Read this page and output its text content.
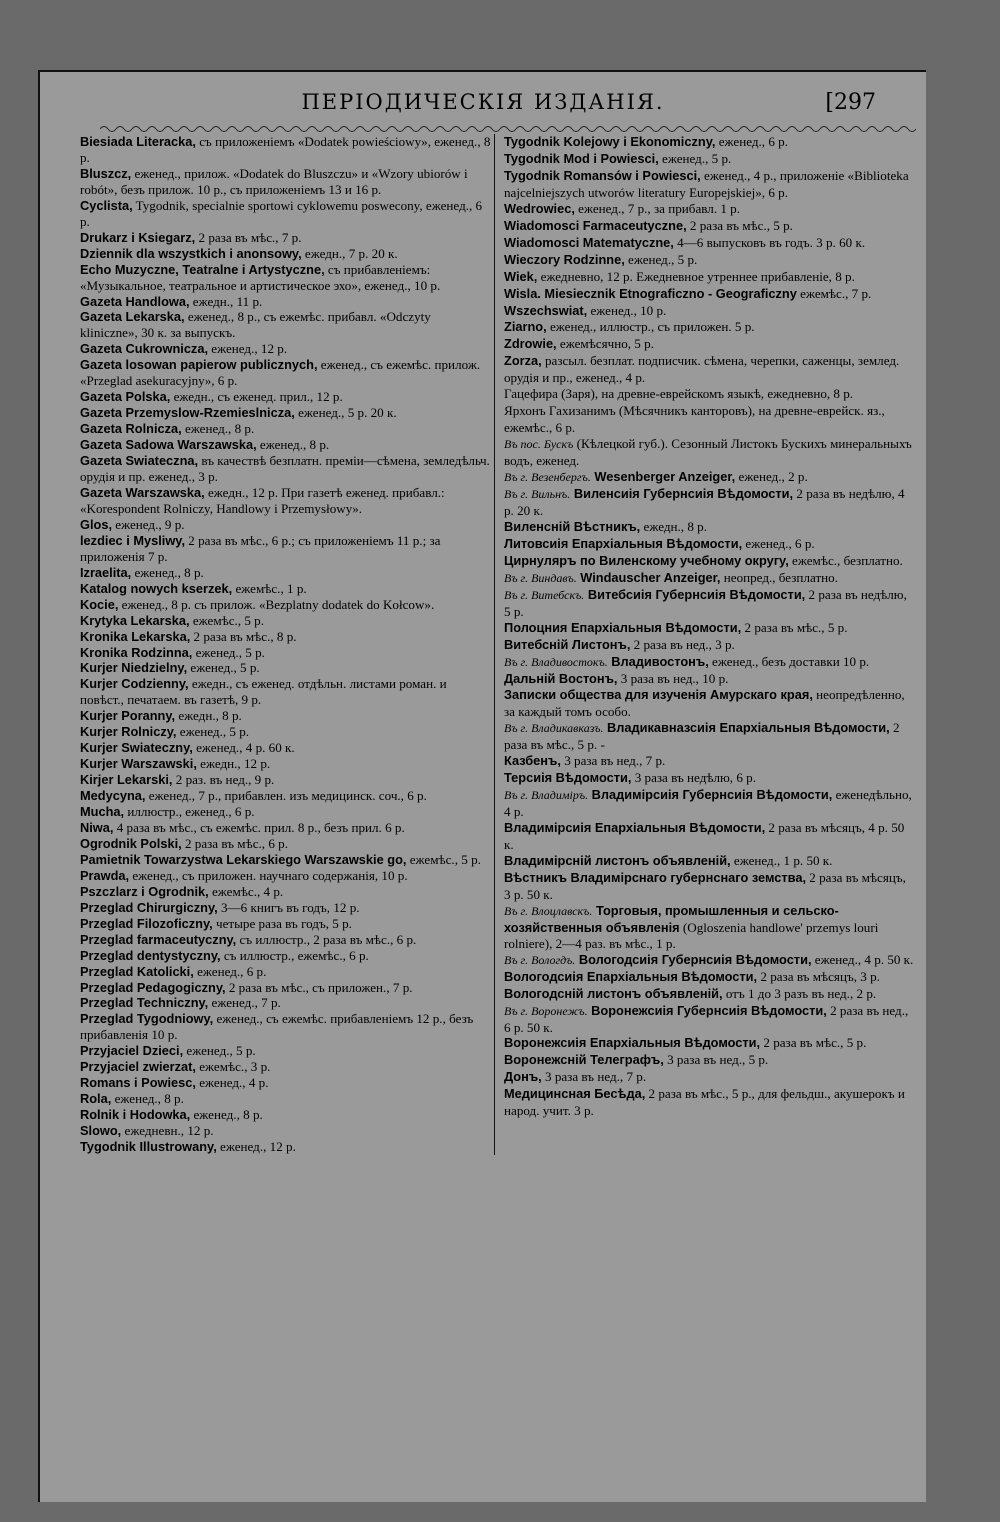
ПЕРІОДИЧЕСКІЯ ИЗДАНІЯ.	[297
Biesiada Literacka, съ приложеніемъ «Dodatek powieściowy», еженед., 8 р.
Bluszcz, еженед., прилож. «Dodatek do Bluszczu» и «Wzory ubiorów i robót», безъ прилож. 10 р., съ приложеніемъ 13 и 16 р.
Cyclista, Tygodnik, specialnie sportowi cyklowemu poswecony, еженед., 6 р.
Drukarz i Ksiegarz, 2 раза въ мѣс., 7 р.
Dziennik dla wszystkich i anonsowy, ежедн., 7 р. 20 к.
Echo Muzyczne, Teatralne i Artystyczne, съ прибавленіемъ: «Музыкальное, театральное и артистическое эхо», еженед., 10 р.
Gazeta Handlowa, ежедн., 11 р.
Gazeta Lekarska, еженед., 8 р., съ ежемѣс. прибавл. «Odczyty kliniczne», 30 к. за выпускъ.
Gazeta Cukrownicza, еженед., 12 р.
Gazeta losowan papierow publicznych, еженед., съ ежемѣс. прилож. «Przeglad asekuracyjny», 6 р.
Gazeta Polska, ежедн., съ еженед. прил., 12 р.
Gazeta Przemyslow-Rzemieslnicza, еженед., 5 р. 20 к.
Gazeta Rolnicza, еженед., 8 р.
Gazeta Sadowa Warszawska, еженед., 8 р.
Gazeta Swiateczna, въ качествѣ безплатн. преміи—сѣмена, земледѣльч. орудія и пр. еженед., 3 р.
Gazeta Warszawska, ежедн., 12 р. При газетѣ еженед. прибавл.: «Korespondent Rolniczy, Handlowy i Przemysłowy».
Glos, еженед., 9 р.
lezdiec i Mysliwy, 2 раза въ мѣс., 6 р.; съ приложеніемъ 11 р.; за приложенія 7 р.
Izraelita, еженед., 8 р.
Katalog nowych kserzek, ежемѣс., 1 р.
Kocie, еженед., 8 р. съ прилож. «Bezplatny dodatek do Kołcow».
Krytyka Lekarska, ежемѣс., 5 р.
Kronika Lekarska, 2 раза въ мѣс., 8 р.
Kronika Rodzinna, еженед., 5 р.
Kurjer Niedzielny, еженед., 5 р.
Kurjer Codzienny, ежедн., съ еженед. отдѣльн. листами роман. и повѣст., печатаем. въ газетѣ, 9 р.
Kurjer Poranny, ежедн., 8 р.
Kurjer Rolniczy, еженед., 5 р.
Kurjer Swiateczny, еженед., 4 р. 60 к.
Kurjer Warszawski, ежедн., 12 р.
Kirjer Lekarski, 2 раз. въ нед., 9 р.
Medycyna, еженед., 7 р., прибавлен. изъ медицинск. соч., 6 р.
Mucha, иллюстр., еженед., 6 р.
Niwa, 4 раза въ мѣс., съ ежемѣс. прил. 8 р., безъ прил. 6 р.
Ogrodnik Polski, 2 раза въ мѣс., 6 р.
Pamietnik Towarzystwa Lekarskiego Warszawskie go, ежемѣс., 5 р.
Prawda, еженед., съ приложен. научнаго содержанія, 10 р.
Pszczlarz i Ogrodnik, ежемѣс., 4 р.
Przeglad Chirurgiczny, 3—6 книгъ въ годъ, 12 р.
Przeglad Filozoficzny, четыре раза въ годъ, 5 р.
Przeglad farmaceutyczny, съ иллюстр., 2 раза въ мѣс., 6 р.
Przeglad dentystyczny, съ иллюстр., ежемѣс., 6 р.
Przeglad Katolicki, еженед., 6 р.
Przeglad Pedagogiczny, 2 раза въ мѣс., съ приложен., 7 р.
Przeglad Techniczny, еженед., 7 р.
Przeglad Tygodniowy, еженед., съ ежемѣс. прибавленіемъ 12 р., безъ прибавленія 10 р.
Przyjaciel Dzieci, еженед., 5 р.
Przyjaciel zwierzat, ежемѣс., 3 р.
Romans i Powiesc, еженед., 4 р.
Rola, еженед., 8 р.
Rolnik i Hodowka, еженед., 8 р.
Slowo, ежедневн., 12 р.
Tygodnik Illustrowany, еженед., 12 р.
Tygodnik Kolejowy i Ekonomiczny, еженед., 6 р.
Tygodnik Mod i Powiesci, еженед., 5 р.
Tygodnik Romansów i Powiesci, еженед., 4 р., приложеніе «Biblioteka najcelniejszych utworów literatury Europejskiej», 6 р.
Wedrowiec, еженед., 7 р., за прибавл. 1 р.
Wiadomosci Farmaceutyczne, 2 раза въ мѣс., 5 р.
Wiadomosci Matematyczne, 4—6 выпусковъ въ годъ. 3 р. 60 к.
Wieczory Rodzinne, еженед., 5 р.
Wiek, ежедневно, 12 р. Ежедневное утреннее прибавленіе, 8 р.
Wisla. Miesiecznik Etnograficzno - Geograficzny ежемѣс., 7 р.
Wszechswiat, еженед., 10 р.
Ziarno, еженед., иллюстр., съ приложен. 5 р.
Zdrowie, ежемѣсячно, 5 р.
Zorza, разсыл. безплат. подписчик. сѣмена, черепки, саженцы, землед. орудія и пр., еженед., 4 р.
Гацефира (Заря), на древне-еврейскомъ языкѣ, ежедневно, 8 р.
Ярхонъ Гахизанимъ (Мѣсячникъ канторовъ), на древне-еврейск. яз., ежемѣс., 6 р.
Въ пос. Бускъ (Кѣлецкой губ.). Сезонный Листокъ Бускихъ минеральныхъ водъ, еженед.
Въ г. Везенбергъ. Wesenberger Anzeiger, еженед., 2 р.
Въ г. Вильнъ. Виленсиія Губернсиія Вѣдомости, 2 раза въ недѣлю, 4 р. 20 к.
Виленсній Вѣстникъ, ежедн., 8 р.
Литовсиія Епархіальныя Вѣдомости, еженед., 6 р.
Цирнуляръ по Виленскому учебному округу, ежемѣс., безплатно.
Въ г. Виндавъ. Windauscher Anzeiger, неопред., безплатно.
Въ г. Витебскъ. Витебсиія Губернсиія Вѣдомости, 2 раза въ недѣлю, 5 р.
Полоцния Епархіальныя Вѣдомости, 2 раза въ мѣс., 5 р.
Витебсній Листонъ, 2 раза въ нед., 3 р.
Въ г. Владивостокъ. Владивостонъ, еженед., безъ доставки 10 р.
Дальній Востонъ, 3 раза въ нед., 10 р.
Записки общества для изученія Амурскаго края, неопредѣленно, за каждый томъ особо.
Въ г. Владикавказъ. Владикавназсиія Епархіальныя Вѣдомости, 2 раза въ мѣс., 5 р. -
Казбенъ, 3 раза въ нед., 7 р.
Терсиія Вѣдомости, 3 раза въ недѣлю, 6 р.
Въ г. Владиміръ. Владимірсиія Губернсиія Вѣдомости, еженедѣльно, 4 р.
Владимірсиія Епархіальныя Вѣдомости, 2 раза въ мѣсяцъ, 4 р. 50 к.
Владимірсній листонъ объявленій, еженед., 1 р. 50 к.
Вѣстникъ Владимірснаго губернснаго земства, 2 раза въ мѣсяцъ, 3 р. 50 к.
Въ г. Влоцлавскъ. Торговыя, промышленныя и сельско-хозяйственныя объявленія (Ogloszenia handlowe' przemys louri rolniere), 2—4 раз. въ мѣс., 1 р.
Въ г. Вологдъ. Вологодсиія Губернсиія Вѣдомости, еженед., 4 р. 50 к.
Вологодсиія Епархіальныя Вѣдомости, 2 раза въ мѣсяцъ, 3 р.
Вологодсній листонъ объявленій, отъ 1 до 3 разъ въ нед., 2 р.
Въ г. Воронежъ. Воронежсиія Губернсиія Вѣдомости, 2 раза въ нед., 6 р. 50 к.
Воронежсиія Епархіальныя Вѣдомости, 2 раза въ мѣс., 5 р.
Воронежсній Телеграфъ, 3 раза въ нед., 5 р.
Донъ, 3 раза въ нед., 7 р.
Медицинсная Бесѣда, 2 раза въ мѣс., 5 р., для фельдш., акушерокъ и народ. учит. 3 р.
